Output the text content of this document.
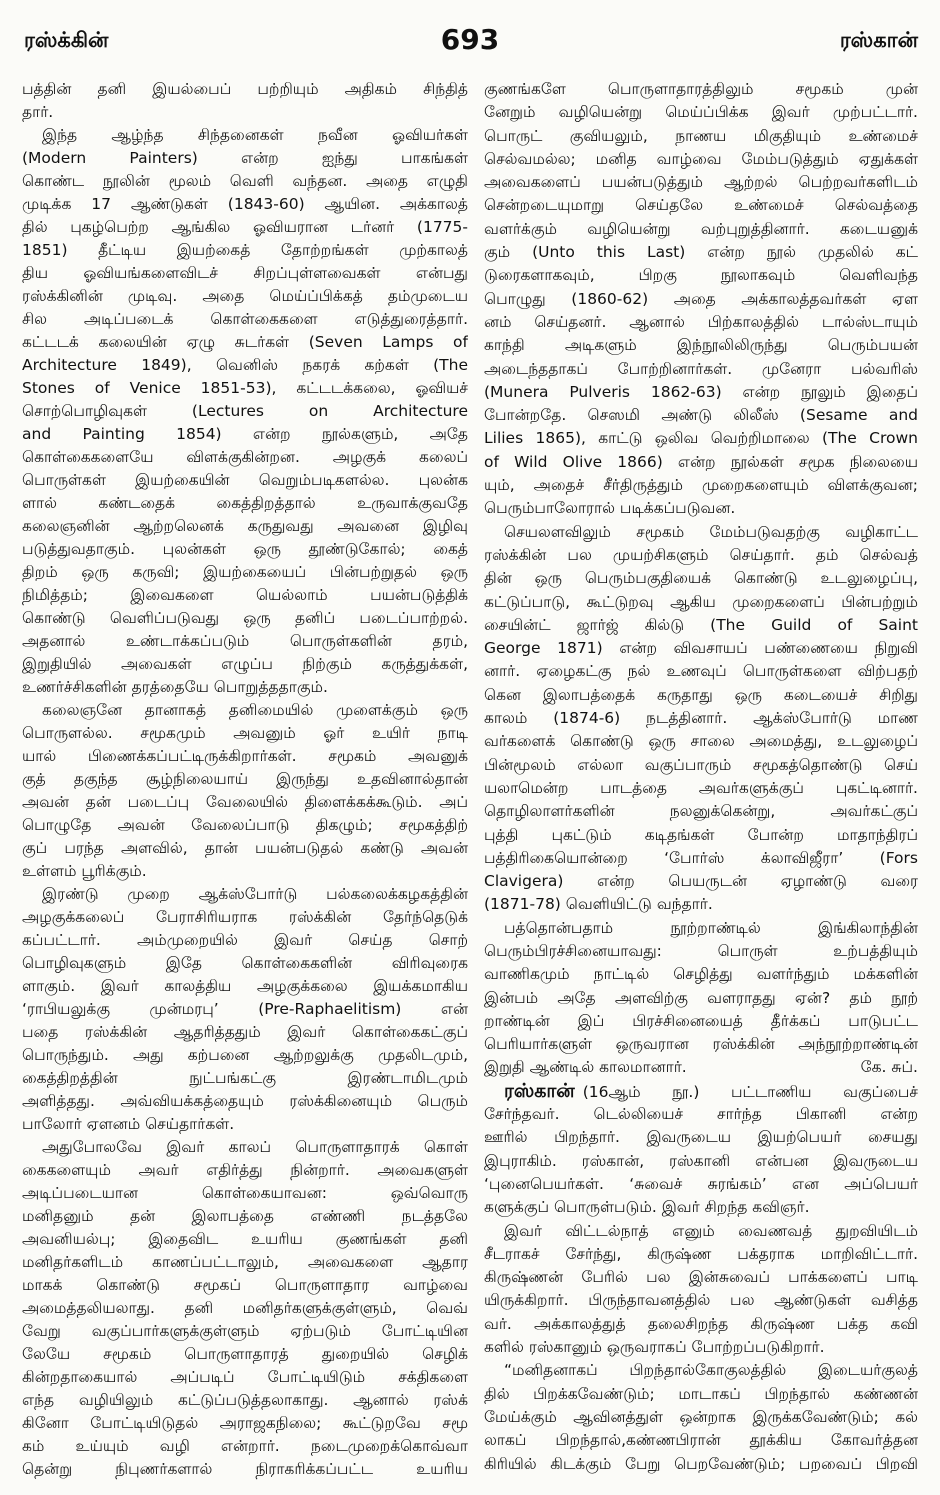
ரஸ்க்கின்	693	ரஸ்கான்
பத்தின் தனி இயல்பைப் பற்றியும் அதிகம் சிந்தித்
தார்.
இந்த ஆழ்ந்த சிந்தனைகள் நவீன ஓவியர்கள்
(Modern Painters) என்ற ஐந்து பாகங்கள்
கொண்ட நூலின் மூலம் வெளி வந்தன. அதை எழுதி
முடிக்க 17 ஆண்டுகள் (1843-60) ஆயின. அக்காலத்
தில் புகழ்பெற்ற ஆங்கில ஓவியரான டர்னர் (1775-
1851) தீட்டிய இயற்கைத் தோற்றங்கள் முற்காலத்
திய ஓவியங்களைவிடச் சிறப்புள்ளவைகள் என்பது
ரஸ்க்கினின் முடிவு. அதை மெய்ப்பிக்கத் தம்முடைய
சில அடிப்படைக் கொள்கைகளை எடுத்துரைத்தார்.
கட்டடக் கலையின் ஏழு சுடர்கள் (Seven Lamps of
Architecture 1849), வெனிஸ் நகரக் கற்கள் (The
Stones of Venice 1851-53), கட்டடக்கலை, ஓவியச்
சொற்பொழிவுகள் (Lectures on Architecture
and Painting 1854) என்ற நூல்களும், அதே
கொள்கைகளையே விளக்குகின்றன. அழகுக் கலைப்
பொருள்கள் இயற்கையின் வெறும்படிகளல்ல. புலன்க
ளால் கண்டதைக் கைத்திறத்தால் உருவாக்குவதே
கலைஞனின் ஆற்றலெனக் கருதுவது அவனை இழிவு
படுத்துவதாகும். புலன்கள் ஒரு தூண்டுகோல்; கைத்
திறம் ஒரு கருவி; இயற்கையைப் பின்பற்றுதல் ஒரு
நிமித்தம்; இவைகளை யெல்லாம் பயன்படுத்திக்
கொண்டு வெளிப்படுவது ஒரு தனிப் படைப்பாற்றல்.
அதனால் உண்டாக்கப்படும் பொருள்களின் தரம்,
இறுதியில் அவைகள் எழுப்ப நிற்கும் கருத்துக்கள்,
உணர்ச்சிகளின் தரத்தையே பொறுத்ததாகும்.
கலைஞனே தானாகத் தனிமையில் முளைக்கும் ஒரு
பொருளல்ல. சமூகமும் அவனும் ஓர் உயிர் நாடி
யால் பிணைக்கப்பட்டிருக்கிறார்கள். சமூகம் அவனுக்
குத் தகுந்த சூழ்நிலையாய் இருந்து உதவினால்தான்
அவன் தன் படைப்பு வேலையில் திளைக்கக்கூடும். அப்
பொழுதே அவன் வேலைப்பாடு திகழும்; சமூகத்திற்
குப் பரந்த அளவில், தான் பயன்படுதல் கண்டு அவன்
உள்ளம் பூரிக்கும்.
இரண்டு முறை ஆக்ஸ்போர்டு பல்கலைக்கழகத்தின்
அழகுக்கலைப் பேராசிரியராக ரஸ்க்கின் தேர்ந்தெடுக்
கப்பட்டார். அம்முறையில் இவர் செய்த சொற்
பொழிவுகளும் இதே கொள்கைகளின் விரிவுரைக
ளாகும். இவர் காலத்திய அழகுக்கலை இயக்கமாகிய
‘ராபியலுக்கு முன்மரபு’ (Pre-Raphaelitism) என்
பதை ரஸ்க்கின் ஆதரித்ததும் இவர் கொள்கைகட்குப்
பொருந்தும். அது கற்பனை ஆற்றலுக்கு முதலிடமும்,
கைத்திறத்தின் நுட்பங்கட்கு இரண்டாமிடமும்
அளித்தது. அவ்வியக்கத்தையும் ரஸ்க்கினையும் பெரும்
பாலோர் ஏளனம் செய்தார்கள்.
அதுபோலவே இவர் காலப் பொருளாதாரக் கொள்
கைகளையும் அவர் எதிர்த்து நின்றார். அவைகளுள்
அடிப்படையான கொள்கையாவன: ஒவ்வொரு
மனிதனும் தன் இலாபத்தை எண்ணி நடத்தலே
அவனியல்பு; இதைவிட உயரிய குணங்கள் தனி
மனிதர்களிடம் காணப்பட்டாலும், அவைகளை ஆதார
மாகக் கொண்டு சமூகப் பொருளாதார வாழ்வை
அமைத்தலியலாது. தனி மனிதர்களுக்குள்ளும், வெவ்
வேறு வகுப்பார்களுக்குள்ளும் ஏற்படும் போட்டியின
லேயே சமூகம் பொருளாதாரத் துறையில் செழிக்
கின்றதாகையால் அப்படிப் போட்டியிடும் சக்திகளை
எந்த வழியிலும் கட்டுப்படுத்தலாகாது. ஆனால் ரஸ்க்
கினோ போட்டியிடுதல் அராஜகநிலை; கூட்டுறவே சமூ
கம் உய்யும் வழி என்றார். நடைமுறைக்கொவ்வா
தென்று நிபுணர்களால் நிராகரிக்கப்பட்ட உயரிய
குணங்களே பொருளாதாரத்திலும் சமூகம் முன்
னேறும் வழியென்று மெய்ப்பிக்க இவர் முற்பட்டார்.
பொருட் குவியலும், நாணய மிகுதியும் உண்மைச்
செல்வமல்ல; மனித வாழ்வை மேம்படுத்தும் ஏதுக்கள்
அவைகளைப் பயன்படுத்தும் ஆற்றல் பெற்றவர்களிடம்
சென்றடையுமாறு செய்தலே உண்மைச் செல்வத்தை
வளர்க்கும் வழியென்று வற்புறுத்தினார். கடையனுக்
கும் (Unto this Last) என்ற நூல் முதலில் கட்
டுரைகளாகவும், பிறகு நூலாகவும் வெளிவந்த
பொழுது (1860-62) அதை அக்காலத்தவர்கள் ஏள
னம் செய்தனர். ஆனால் பிற்காலத்தில் டால்ஸ்டாயும்
காந்தி அடிகளும் இந்நூலிலிருந்து பெரும்பயன்
அடைந்ததாகப் போற்றினார்கள். முனேரா பல்வரிஸ்
(Munera Pulveris 1862-63) என்ற நூலும் இதைப்
போன்றதே. செஸமி அண்டு லிலீஸ் (Sesame and
Lilies 1865), காட்டு ஒலிவ வெற்றிமாலை (The Crown
of Wild Olive 1866) என்ற நூல்கள் சமூக நிலையை
யும், அதைச் சீர்திருத்தும் முறைகளையும் விளக்குவன;
பெரும்பாலோரால் படிக்கப்படுவன.
செயலளவிலும் சமூகம் மேம்படுவதற்கு வழிகாட்ட
ரஸ்க்கின் பல முயற்சிகளும் செய்தார். தம் செல்வத்
தின் ஒரு பெரும்பகுதியைக் கொண்டு உடலுழைப்பு,
கட்டுப்பாடு, கூட்டுறவு ஆகிய முறைகளைப் பின்பற்றும்
சையின்ட் ஜார்ஜ் கில்டு (The Guild of Saint
George 1871) என்ற விவசாயப் பண்ணையை நிறுவி
னார். ஏழைகட்கு நல் உணவுப் பொருள்களை விற்பதற்
கென இலாபத்தைக் கருதாது ஒரு கடையைச் சிறிது
காலம் (1874-6) நடத்தினார். ஆக்ஸ்போர்டு மாண
வர்களைக் கொண்டு ஒரு சாலை அமைத்து, உடலுழைப்
பின்மூலம் எல்லா வகுப்பாரும் சமூகத்தொண்டு செய்
யலாமென்ற பாடத்தை அவர்களுக்குப் புகட்டினார்.
தொழிலாளர்களின் நலனுக்கென்று, அவர்கட்குப்
புத்தி புகட்டும் கடிதங்கள் போன்ற மாதாந்திரப்
பத்திரிகையொன்றை ‘போர்ஸ் க்லாவிஜீரா’ (Fors
Clavigera) என்ற பெயருடன் ஏழாண்டு வரை
(1871-78) வெளியிட்டு வந்தார்.
பத்தொன்பதாம் நூற்றாண்டில் இங்கிலாந்தின்
பெரும்பிரச்சினையாவது: பொருள் உற்பத்தியும்
வாணிகமும் நாட்டில் செழித்து வளர்ந்தும் மக்களின்
இன்பம் அதே அளவிற்கு வளராதது ஏன்? தம் நூற்
றாண்டின் இப் பிரச்சினையைத் தீர்க்கப் பாடுபட்ட
பெரியார்களுள் ஒருவரான ரஸ்க்கின் அந்நூற்றாண்டின்
இறுதி ஆண்டில் காலமானார்.	கே. சுப்.
ரஸ்கான் (16ஆம் நூ.) பட்டாணிய வகுப்பைச்
சேர்ந்தவர். டெல்லியைச் சார்ந்த பிகானி என்ற
ஊரில் பிறந்தார். இவருடைய இயற்பெயர் சையது
இபுராகிம். ரஸ்கான், ரஸ்கானி என்பன இவருடைய
‘புனைபெயர்கள். ‘சுவைச் சுரங்கம்’ என அப்பெயர்
களுக்குப் பொருள்படும். இவர் சிறந்த கவிஞர்.
இவர் விட்டல்நாத் எனும் வைணவத் துறவியிடம்
சீடராகச் சேர்ந்து, கிருஷ்ண பக்தராக மாறிவிட்டார்.
கிருஷ்ணன் பேரில் பல இன்சுவைப் பாக்களைப் பாடி
யிருக்கிறார். பிருந்தாவனத்தில் பல ஆண்டுகள் வசித்த
வர். அக்காலத்துத் தலைசிறந்த கிருஷ்ண பக்த கவி
களில் ரஸ்கானும் ஒருவராகப் போற்றப்படுகிறார்.
“மனிதனாகப் பிறந்தால்கோகுலத்தில் இடையர்குலத்
தில் பிறக்கவேண்டும்; மாடாகப் பிறந்தால் கண்ணன்
மேய்க்கும் ஆவினத்துள் ஒன்றாக இருக்கவேண்டும்; கல்
லாகப் பிறந்தால்,கண்ணபிரான் தூக்கிய கோவர்த்தன
கிரியில் கிடக்கும் பேறு பெறவேண்டும்; பறவைப் பிறவி
